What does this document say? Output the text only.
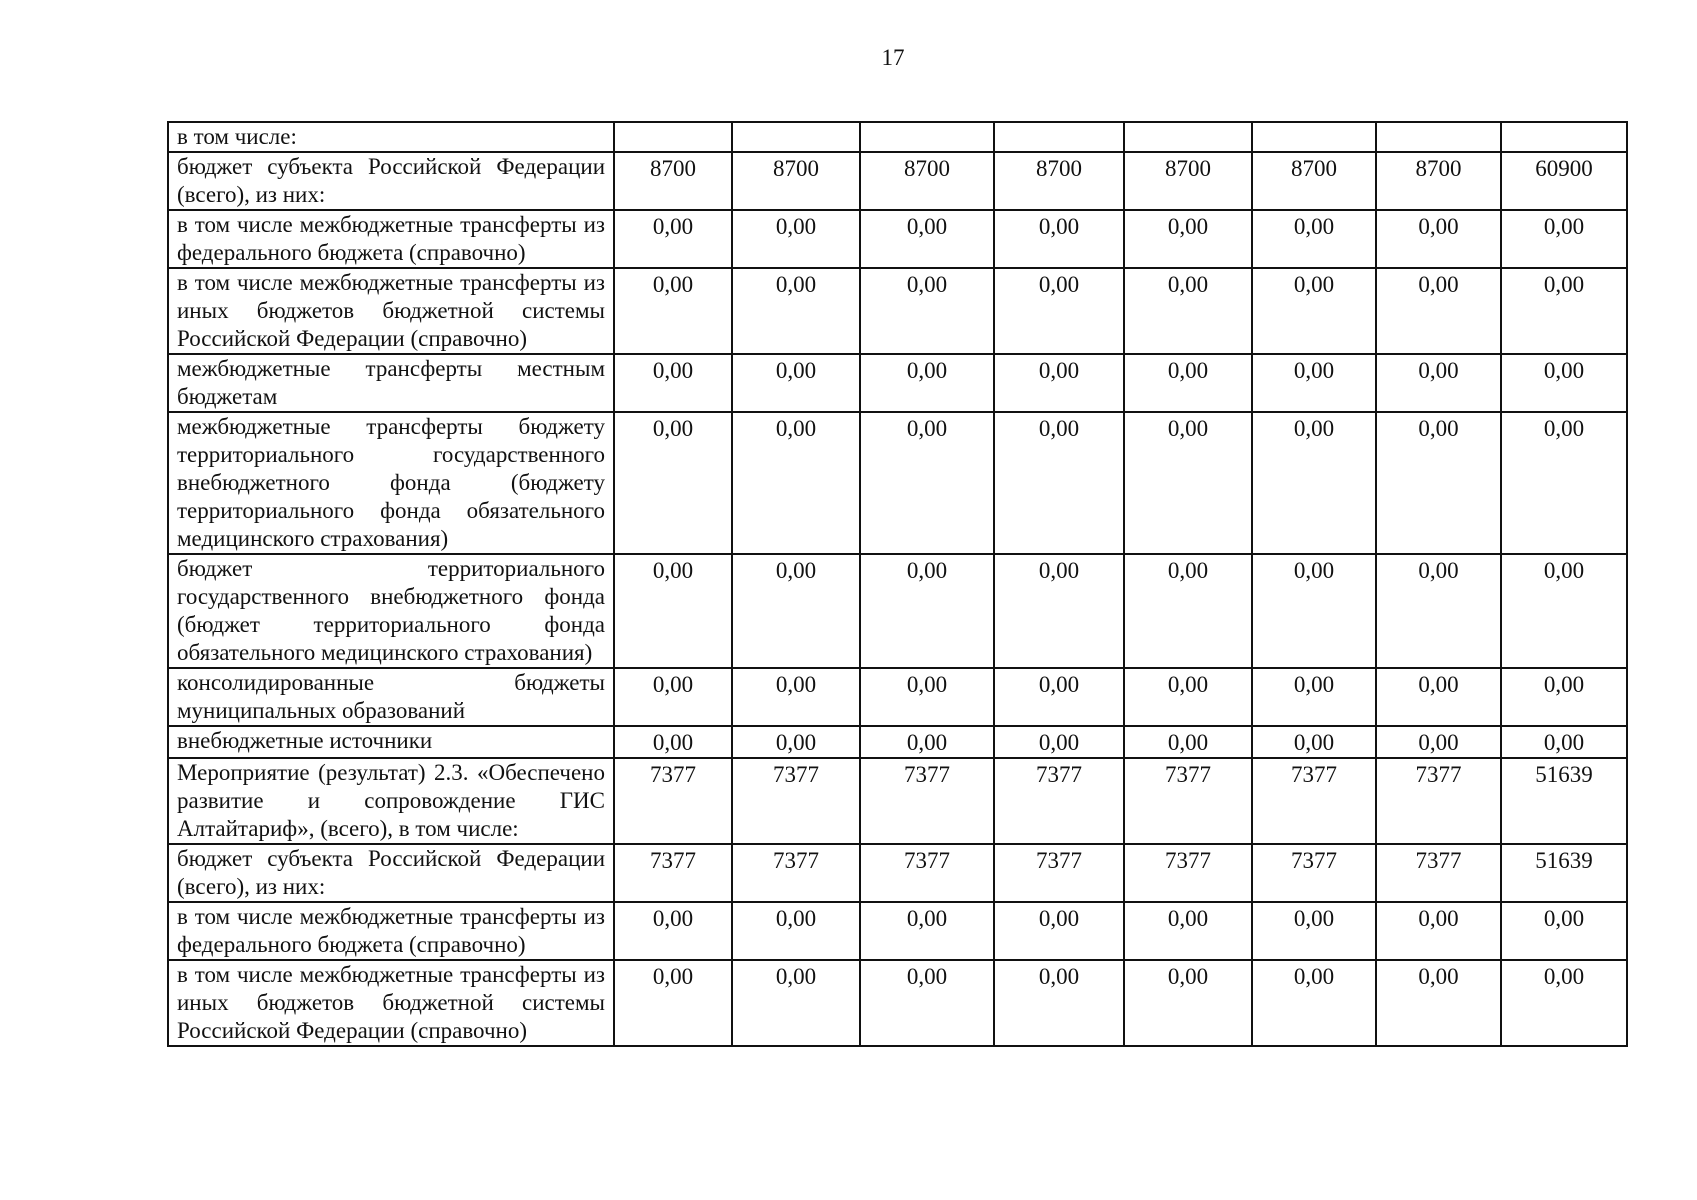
17
в том числе:								
бюджет субъекта Российской Федерации (всего), из них:	8700	8700	8700	8700	8700	8700	8700	60900
в том числе межбюджетные трансферты из федерального бюджета (справочно)	0,00	0,00	0,00	0,00	0,00	0,00	0,00	0,00
в том числе межбюджетные трансферты из иных бюджетов бюджетной системы Российской Федерации (справочно)	0,00	0,00	0,00	0,00	0,00	0,00	0,00	0,00
межбюджетные трансферты местным бюджетам	0,00	0,00	0,00	0,00	0,00	0,00	0,00	0,00
межбюджетные трансферты бюджету территориального государственного внебюджетного фонда (бюджету территориального фонда обязательного медицинского страхования)	0,00	0,00	0,00	0,00	0,00	0,00	0,00	0,00
бюджет территориального государственного внебюджетного фонда (бюджет территориального фонда обязательного медицинского страхования)	0,00	0,00	0,00	0,00	0,00	0,00	0,00	0,00
консолидированные бюджеты муниципальных образований	0,00	0,00	0,00	0,00	0,00	0,00	0,00	0,00
внебюджетные источники	0,00	0,00	0,00	0,00	0,00	0,00	0,00	0,00
Мероприятие (результат) 2.3. «Обеспечено развитие и сопровождение ГИС Алтайтариф», (всего), в том числе:	7377	7377	7377	7377	7377	7377	7377	51639
бюджет субъекта Российской Федерации (всего), из них:	7377	7377	7377	7377	7377	7377	7377	51639
в том числе межбюджетные трансферты из федерального бюджета (справочно)	0,00	0,00	0,00	0,00	0,00	0,00	0,00	0,00
в том числе межбюджетные трансферты из иных бюджетов бюджетной системы Российской Федерации (справочно)	0,00	0,00	0,00	0,00	0,00	0,00	0,00	0,00
